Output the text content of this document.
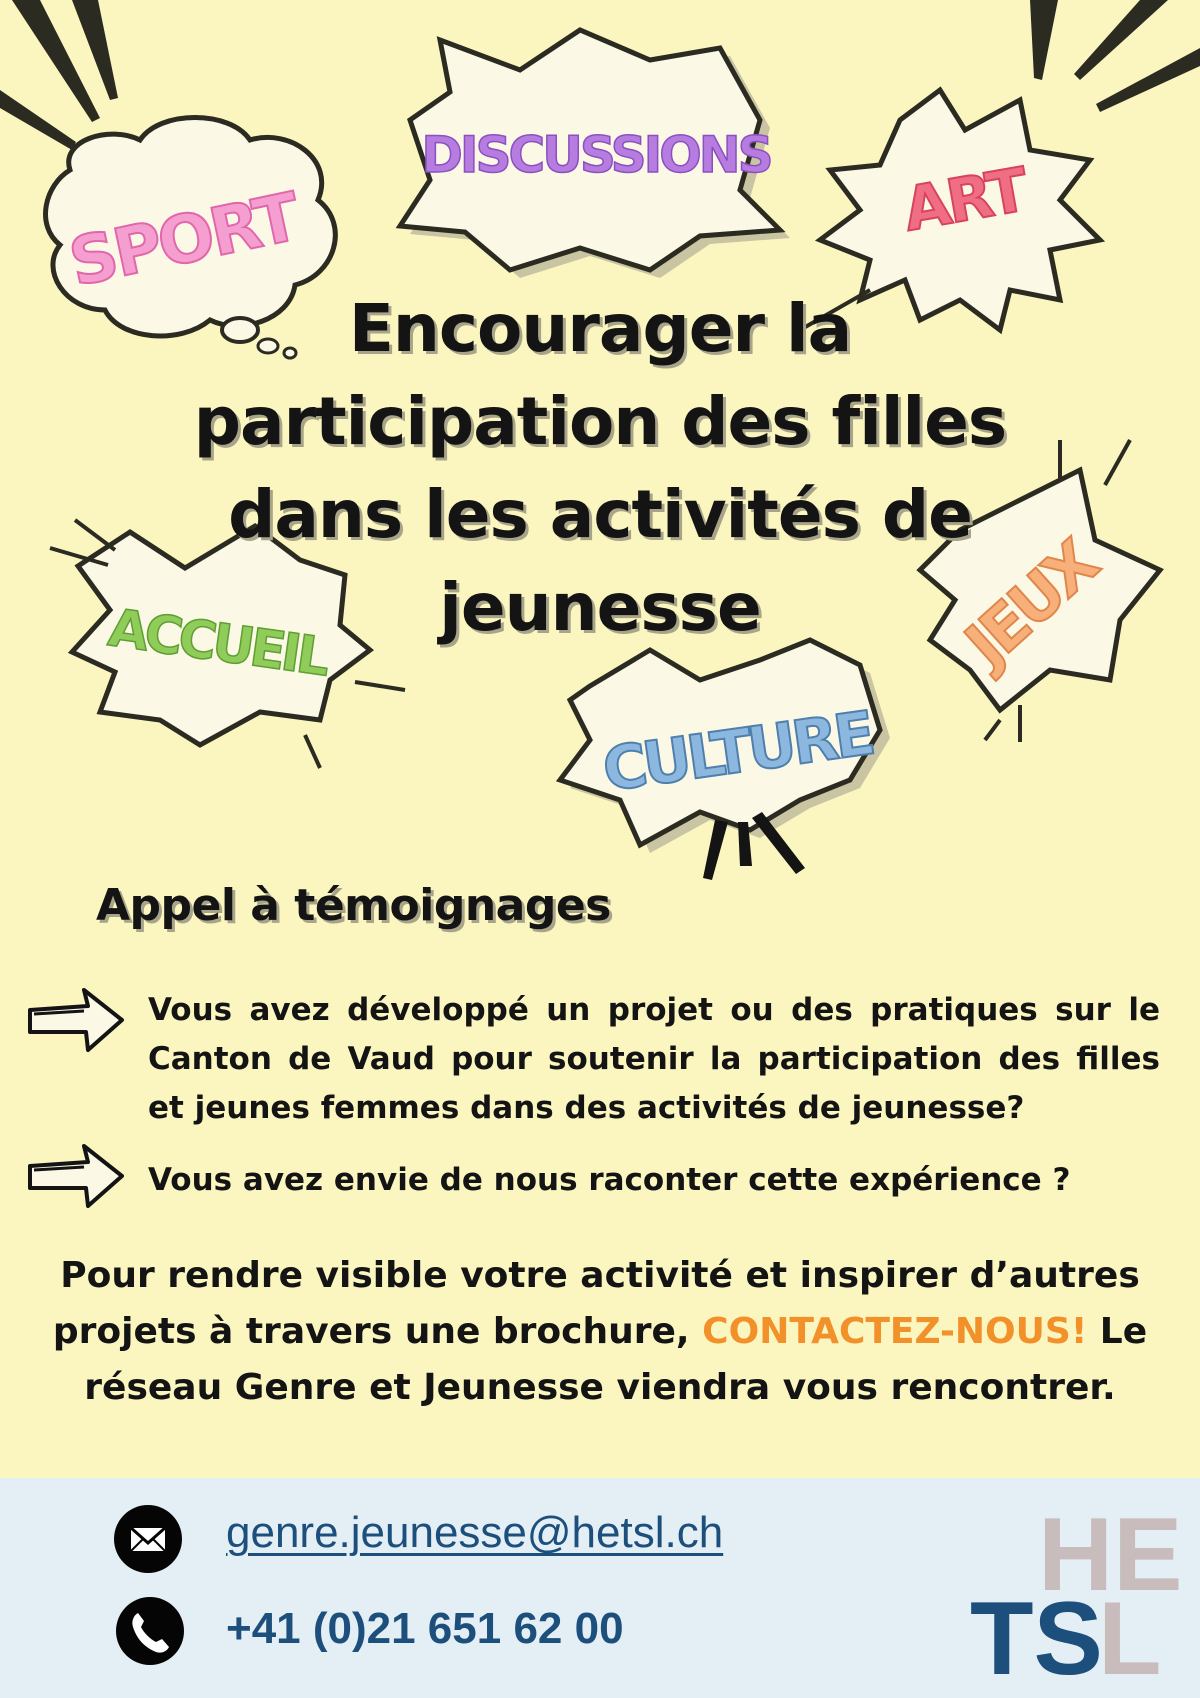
SPORT
DISCUSSIONS
ART
ACCUEIL
CULTURE
JEUX
Encourager la
participation des filles
dans les activités de
jeunesse
Appel à témoignages
Vous avez développé un projet ou des pratiques sur le Canton de Vaud pour soutenir la participation des filles et jeunes femmes dans des activités de jeunesse?
Vous avez envie de nous raconter cette expérience ?

Pour rendre visible votre activité et inspirer d’autres projets à travers une brochure, CONTACTEZ-NOUS! Le réseau Genre et Jeunesse viendra vous rencontrer.

genre.jeunesse@hetsl.ch
+41 (0)21 651 62 00
HE
TS
L
